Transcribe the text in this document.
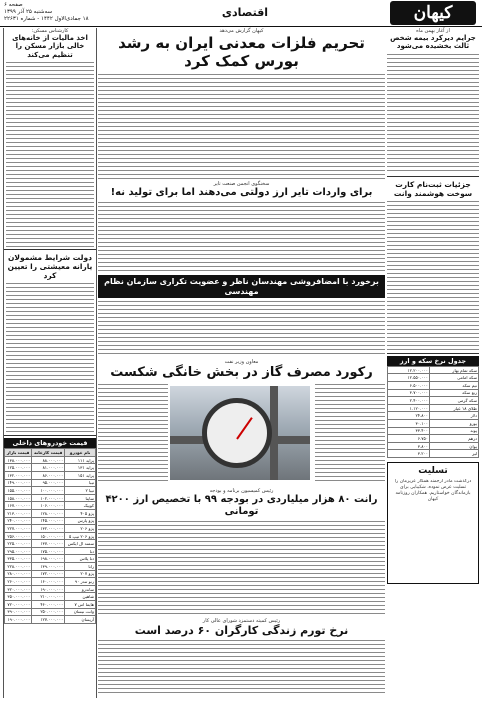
صفحه ۶
سه‌شنبه ۲۵ آذر ۱۳۹۹
۱۸ جمادی‌الاول ۱۴۴۲ - شماره ۲۲۶۳۱	اقتصادی	کیهان
از آغاز بهمن ماه
جرایم دیرکرد بیمه شخص ثالث بخشیده می‌شود
جزئیات ثبت‌نام کارت سوخت هوشمند وانت
جدول نرخ سکه و ارز
سکه تمام بهار	۱۲.۲۰۰.۰۰۰
سکه امامی	۱۲.۵۵۰.۰۰۰
نیم سکه	۶.۵۰۰.۰۰۰
ربع سکه	۳.۷۰۰.۰۰۰
سکه گرمی	۲.۴۰۰.۰۰۰
طلای ۱۸ عیار	۱.۱۲۰.۰۰۰
دلار	۲۴.۸۰۰
یورو	۳۰.۱۰۰
پوند	۳۳.۴۰۰
درهم	۶.۷۵۰
یوان	۳.۸۰۰
لیر	۳.۲۰۰
تسلیت
درگذشت مادر ارجمند همکار عزیزمان را تسلیت عرض نموده، شکیبایی برای بازماندگان خواستاریم. همکاران روزنامه کیهان
کارشناس مسکن:
اخذ مالیات از خانه‌های خالی بازار مسکن را تنظیم می‌کند
دولت شرایط مشمولان یارانه معیشتی را تعیین کرد
قیمت خودروهای داخلی
نام خودرو	قیمت کارخانه	قیمت بازار
پراید ۱۱۱	۸۸.۰۰۰.۰۰۰	۱۳۸.۰۰۰.۰۰۰
پراید ۱۳۱	۸۱.۰۰۰.۰۰۰	۱۲۵.۰۰۰.۰۰۰
پراید ۱۵۱	۸۶.۰۰۰.۰۰۰	۱۳۲.۰۰۰.۰۰۰
تیبا	۹۵.۰۰۰.۰۰۰	۱۴۹.۰۰۰.۰۰۰
تیبا ۲	۱۰۰.۰۰۰.۰۰۰	۱۵۵.۰۰۰.۰۰۰
ساینا	۱۰۲.۰۰۰.۰۰۰	۱۵۸.۰۰۰.۰۰۰
کوییک	۱۰۶.۰۰۰.۰۰۰	۱۶۷.۰۰۰.۰۰۰
پژو ۴۰۵	۱۲۸.۰۰۰.۰۰۰	۲۱۳.۰۰۰.۰۰۰
پژو پارس	۱۴۵.۰۰۰.۰۰۰	۲۴۰.۰۰۰.۰۰۰
پژو ۲۰۶	۱۳۲.۰۰۰.۰۰۰	۲۲۷.۰۰۰.۰۰۰
پژو ۲۰۶ تیپ ۵	۱۵۰.۰۰۰.۰۰۰	۲۵۶.۰۰۰.۰۰۰
سمند ال ایکس	۱۳۷.۰۰۰.۰۰۰	۲۲۵.۰۰۰.۰۰۰
دنا	۱۷۵.۰۰۰.۰۰۰	۲۹۵.۰۰۰.۰۰۰
دنا پلاس	۱۹۸.۰۰۰.۰۰۰	۳۳۵.۰۰۰.۰۰۰
رانا	۱۳۹.۰۰۰.۰۰۰	۲۲۸.۰۰۰.۰۰۰
پژو ۲۰۷	۱۷۲.۰۰۰.۰۰۰	۲۸۰.۰۰۰.۰۰۰
رنو تندر ۹۰	۱۶۰.۰۰۰.۰۰۰	۲۶۰.۰۰۰.۰۰۰
ساندرو	۱۹۰.۰۰۰.۰۰۰	۳۲۰.۰۰۰.۰۰۰
شاهین	۲۱۰.۰۰۰.۰۰۰	۳۵۰.۰۰۰.۰۰۰
هایما اس ۷	۴۶۰.۰۰۰.۰۰۰	۷۲۰.۰۰۰.۰۰۰
وانت نیسان	۲۵۰.۰۰۰.۰۰۰	۳۹۰.۰۰۰.۰۰۰
آریسان	۱۲۷.۰۰۰.۰۰۰	۱۹۰.۰۰۰.۰۰۰
کیهان گزارش می‌دهد
تحریم فلزات معدنی ایران به رشد بورس کمک کرد
سخنگوی انجمن صنعت تایر
برای واردات تایر ارز دولتی می‌دهند اما برای تولید نه!
برخورد با امضافروشی مهندسان ناظر و عضویت تکراری سازمان نظام مهندسی
معاون وزیر نفت
رکورد مصرف گاز در بخش خانگی شکست
رئیس کمیسیون برنامه و بودجه
رانت ۸۰ هزار میلیاردی در بودجه ۹۹ با تخصیص ارز ۴۲۰۰ تومانی
رئیس کمیته دستمزد شورای عالی کار
نرخ تورم زندگی کارگران ۶۰ درصد است
